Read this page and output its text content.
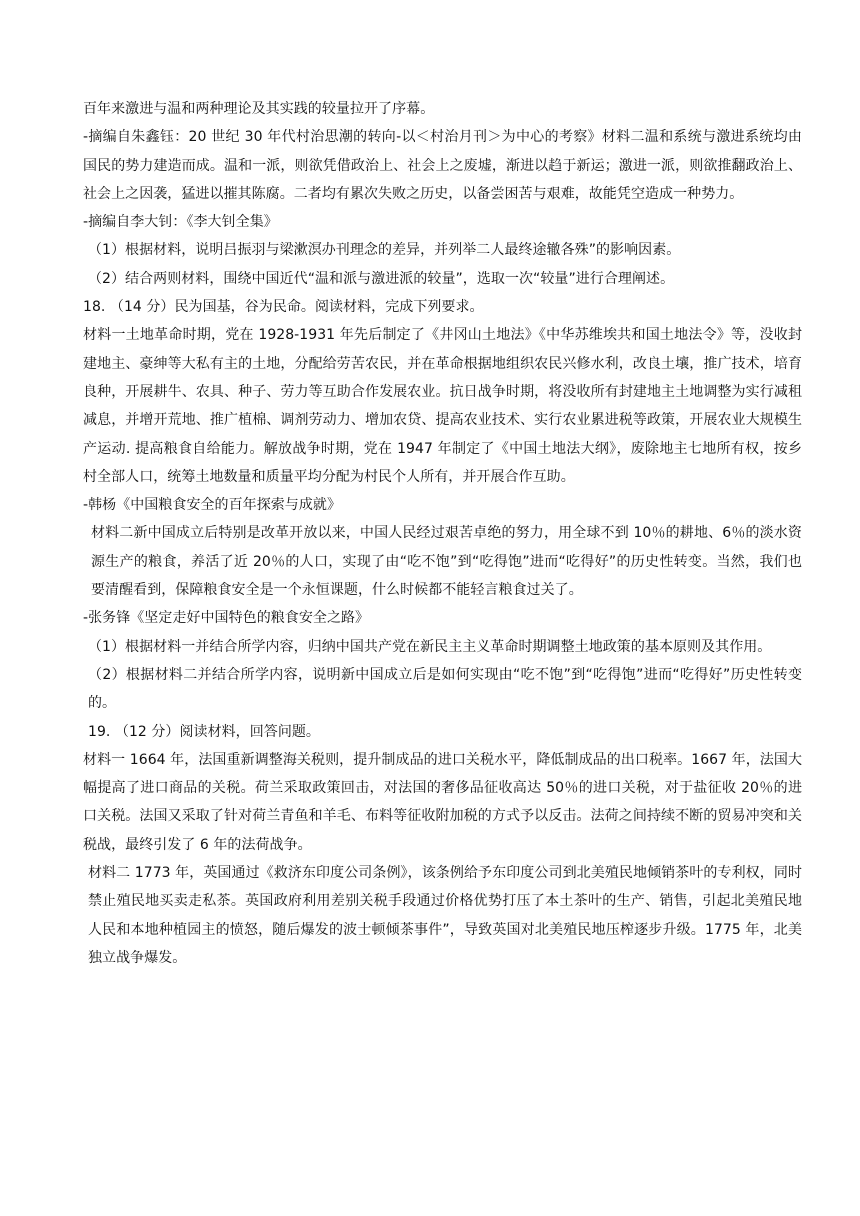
百年来激进与温和两种理论及其实践的较量拉开了序幕。

-摘编自朱鑫钰：20 世纪 30 年代村治思潮的转向-以＜村治月刊＞为中心的考察》材料二温和系统与激进系统均由国民的势力建造而成。温和一派，则欲凭借政治上、社会上之废墟，渐进以趋于新运；激进一派，则欲推翻政治上、社会上之因袭，猛进以摧其陈腐。二者均有累次失败之历史，以备尝困苦与艰难，故能凭空造成一种势力。

-摘编自李大钊：《李大钊全集》

（1）根据材料，说明吕振羽与梁漱溟办刊理念的差异，并列举二人最终途辙各殊”的影响因素。

（2）结合两则材料，围绕中国近代“温和派与激进派的较量”，选取一次“较量”进行合理阐述。

18. （14 分）民为国基，谷为民命。阅读材料，完成下列要求。

材料一土地革命时期，党在 1928-1931 年先后制定了《井冈山土地法》《中华苏维埃共和国土地法令》等，没收封建地主、豪绅等大私有主的土地，分配给劳苦农民，并在革命根据地组织农民兴修水利，改良土壤，推广技术，培育良种，开展耕牛、农具、种子、劳力等互助合作发展农业。抗日战争时期，将没收所有封建地主土地调整为实行减租减息，并增开荒地、推广植棉、调剂劳动力、增加农贷、提高农业技术、实行农业累进税等政策，开展农业大规模生产运动. 提高粮食自给能力。解放战争时期，党在 1947 年制定了《中国土地法大纲》，废除地主七地所有权，按乡村全部人口，统筹土地数量和质量平均分配为村民个人所有，并开展合作互助。

-韩杨《中国粮食安全的百年探索与成就》

材料二新中国成立后特别是改革开放以来，中国人民经过艰苦卓绝的努力，用全球不到 10％的耕地、6％的淡水资源生产的粮食，养活了近 20％的人口，实现了由“吃不饱”到“吃得饱”进而“吃得好”的历史性转变。当然，我们也要清醒看到，保障粮食安全是一个永恒课题，什么时候都不能轻言粮食过关了。

-张务锋《坚定走好中国特色的粮食安全之路》

（1）根据材料一并结合所学内容，归纳中国共产党在新民主主义革命时期调整土地政策的基本原则及其作用。

（2）根据材料二并结合所学内容，说明新中国成立后是如何实现由“吃不饱”到“吃得饱”进而“吃得好”历史性转变的。

19. （12 分）阅读材料，回答问题。

材料一 1664 年，法国重新调整海关税则，提升制成品的进口关税水平，降低制成品的出口税率。1667 年，法国大幅提高了进口商品的关税。荷兰采取政策回击，对法国的奢侈品征收高达 50％的进口关税，对于盐征收 20％的进口关税。法国又采取了针对荷兰青鱼和羊毛、布料等征收附加税的方式予以反击。法荷之间持续不断的贸易冲突和关税战，最终引发了 6 年的法荷战争。

材料二 1773 年，英国通过《救济东印度公司条例》，该条例给予东印度公司到北美殖民地倾销茶叶的专利权，同时禁止殖民地买卖走私茶。英国政府利用差别关税手段通过价格优势打压了本土茶叶的生产、销售，引起北美殖民地人民和本地种植园主的愤怒，随后爆发的波士顿倾茶事件”，导致英国对北美殖民地压榨逐步升级。1775 年，北美独立战争爆发。
